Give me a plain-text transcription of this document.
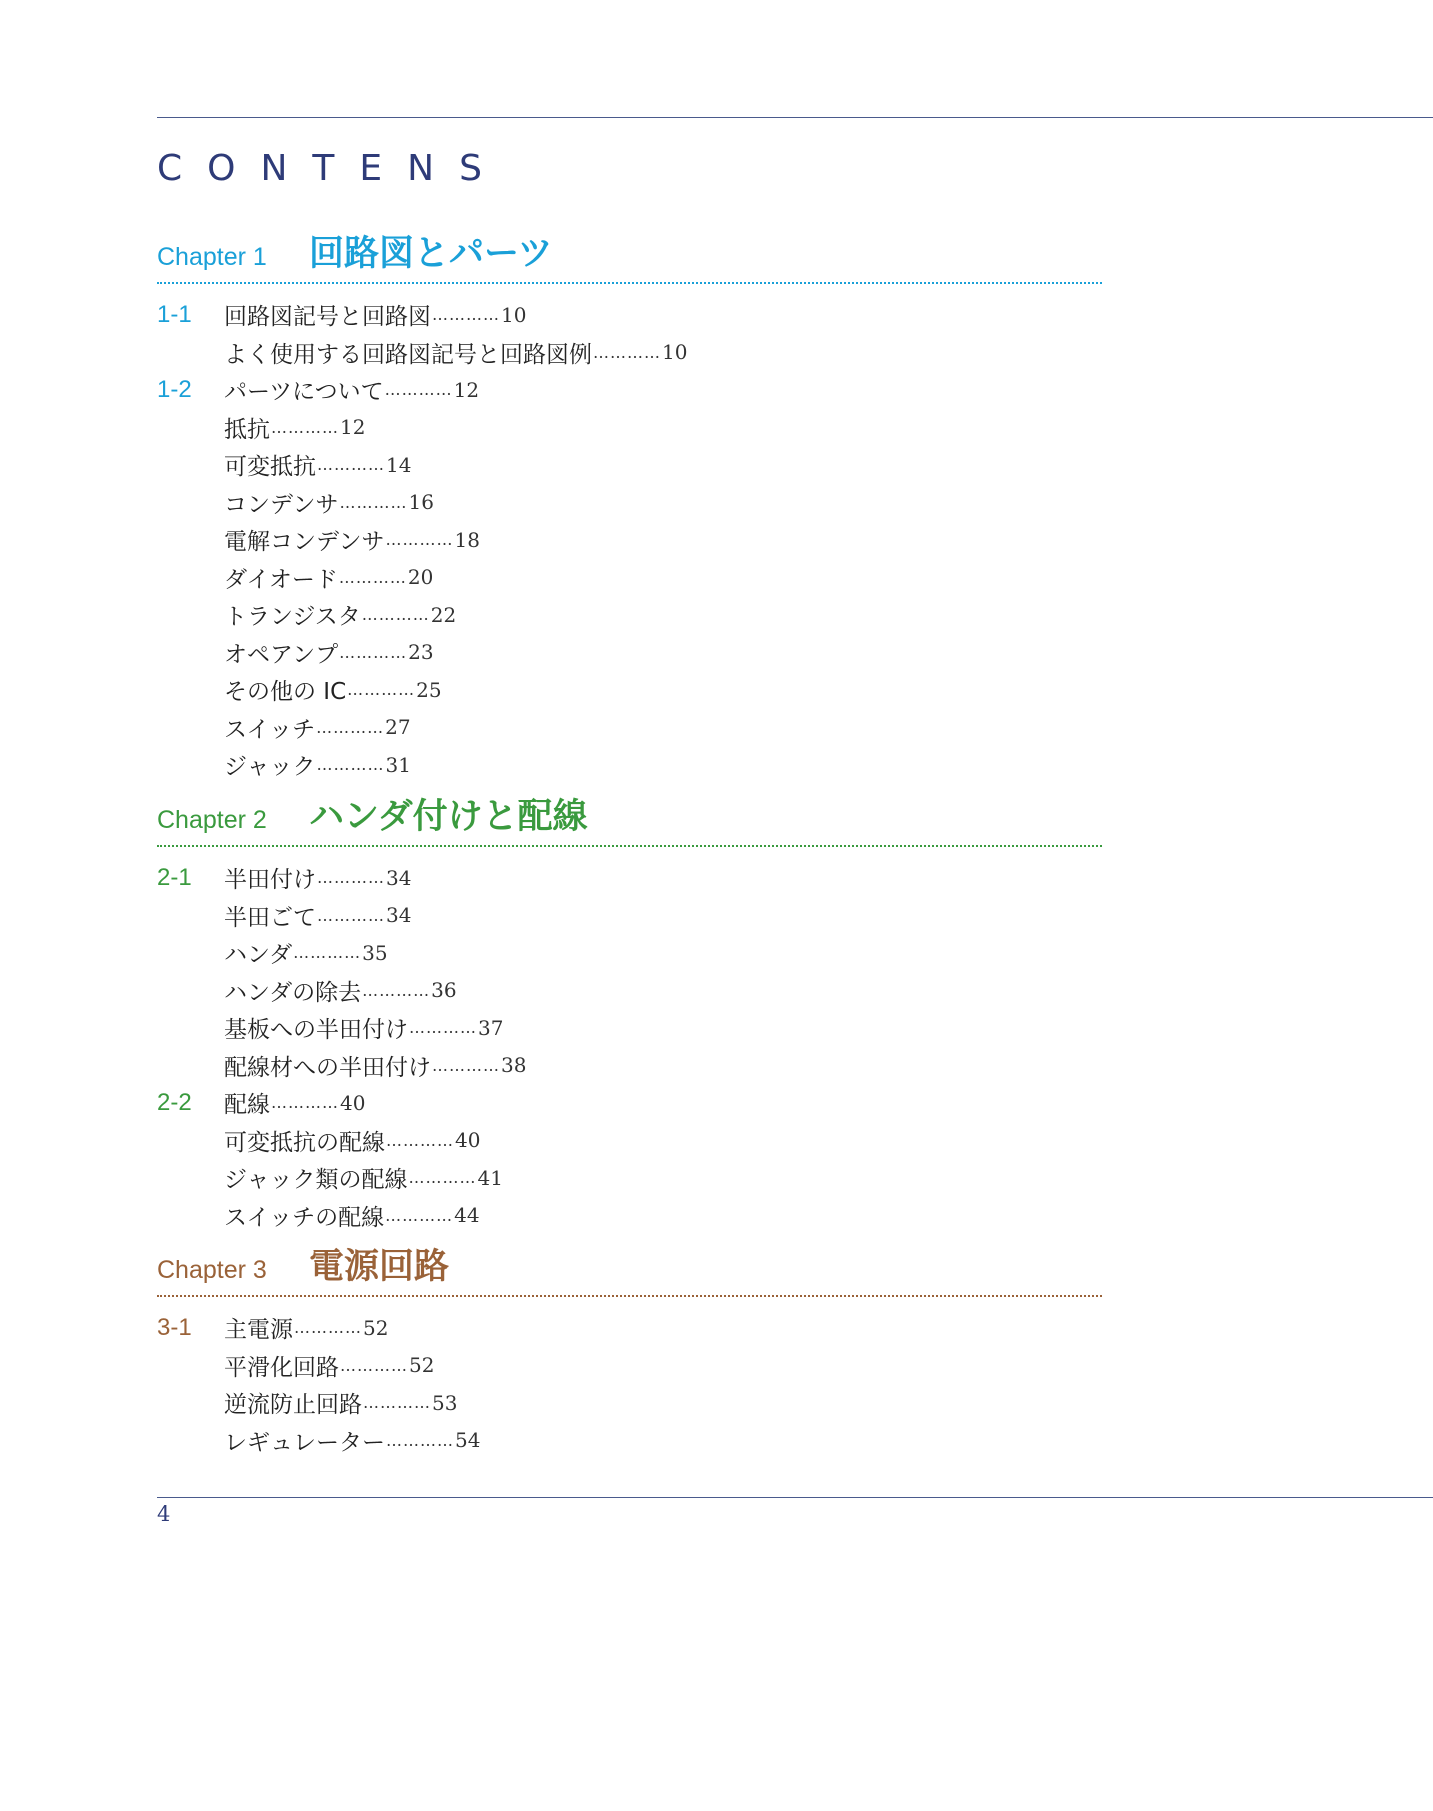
CONTENS
Chapter 1	回路図とパーツ
1-1	回路図記号と回路図 ………… 10
よく使用する回路図記号と回路図例 ………… 10
1-2	パーツについて ………… 12
抵抗 ………… 12
可変抵抗 ………… 14
コンデンサ ………… 16
電解コンデンサ ………… 18
ダイオード ………… 20
トランジスタ ………… 22
オペアンプ ………… 23
その他の IC ………… 25
スイッチ ………… 27
ジャック ………… 31
Chapter 2	ハンダ付けと配線
2-1	半田付け ………… 34
半田ごて ………… 34
ハンダ ………… 35
ハンダの除去 ………… 36
基板への半田付け ………… 37
配線材への半田付け ………… 38
2-2	配線 ………… 40
可変抵抗の配線 ………… 40
ジャック類の配線 ………… 41
スイッチの配線 ………… 44
Chapter 3	電源回路
3-1	主電源 ………… 52
平滑化回路 ………… 52
逆流防止回路 ………… 53
レギュレーター ………… 54
4
